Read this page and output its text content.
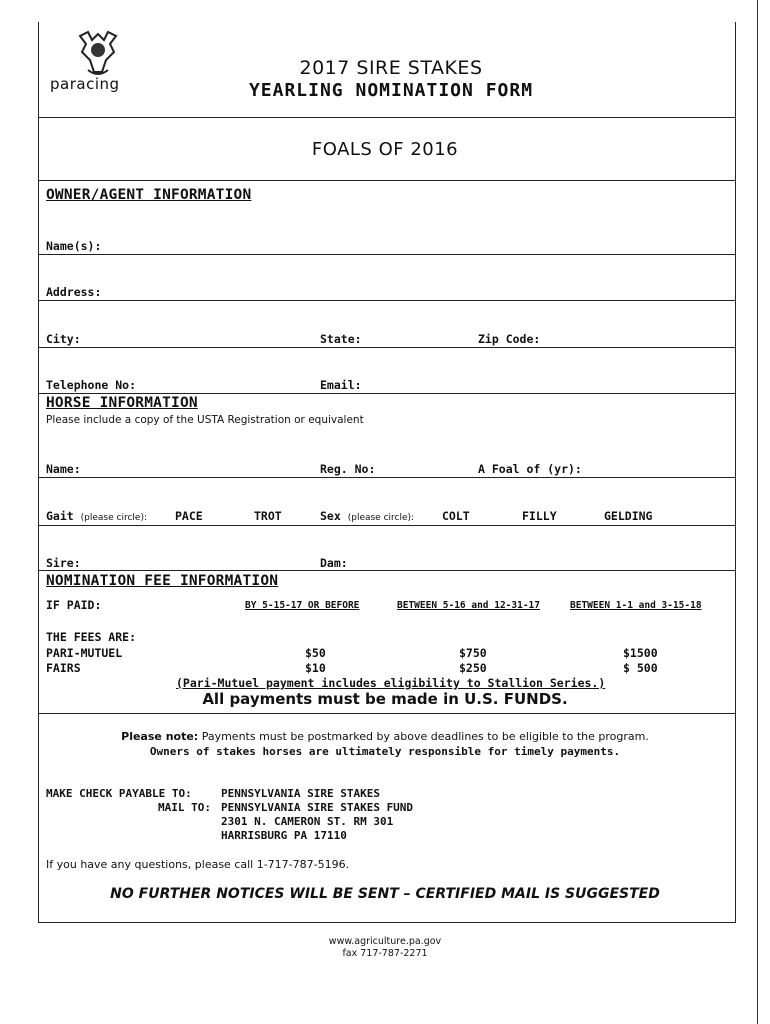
paracing
2017 SIRE STAKES
YEARLING NOMINATION FORM
FOALS OF 2016
OWNER/AGENT INFORMATION
Name(s):
Address:
City:	State:	Zip Code:
Telephone No:	Email:
HORSE INFORMATION
Please include a copy of the USTA Registration or equivalent
Name:	Reg. No:	A Foal of (yr):
Gait (please circle): PACE	TROT	Sex (please circle): COLT	FILLY	GELDING
Sire:	Dam:
NOMINATION FEE INFORMATION
IF PAID:	BY 5-15-17 OR BEFORE	BETWEEN 5-16 and 12-31-17	BETWEEN 1-1 and 3-15-18
THE FEES ARE:
PARI-MUTUEL	$50	$750	$1500
FAIRS	$10	$250	$ 500
(Pari-Mutuel payment includes eligibility to Stallion Series.)
All payments must be made in U.S. FUNDS.
Please note: Payments must be postmarked by above deadlines to be eligible to the program.
Owners of stakes horses are ultimately responsible for timely payments.
MAKE CHECK PAYABLE TO:	PENNSYLVANIA SIRE STAKES
MAIL TO: PENNSYLVANIA SIRE STAKES FUND
2301 N. CAMERON ST. RM 301
HARRISBURG PA 17110
If you have any questions, please call 1-717-787-5196.
NO FURTHER NOTICES WILL BE SENT – CERTIFIED MAIL IS SUGGESTED
www.agriculture.pa.gov
fax 717-787-2271
